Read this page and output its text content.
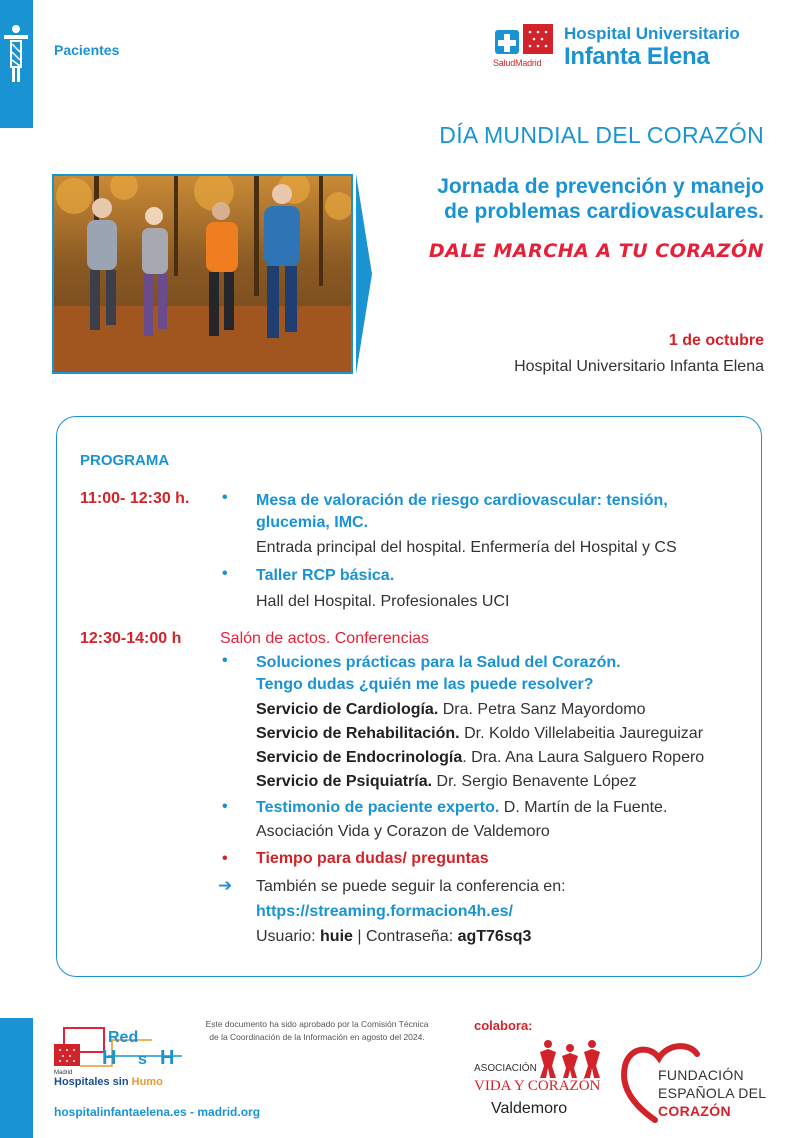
Pacientes
SaludMadrid
Hospital Universitario
Infanta Elena
DÍA MUNDIAL DEL CORAZÓN
Jornada de prevención y manejo
de problemas cardiovasculares.
DALE MARCHA A TU CORAZÓN
1 de octubre
Hospital Universitario Infanta Elena
PROGRAMA
11:00- 12:30 h. • Mesa de valoración de riesgo cardiovascular: tensión,
glucemia, IMC.
Entrada principal del hospital. Enfermería del Hospital y CS
• Taller RCP básica.
Hall del Hospital. Profesionales UCI
12:30-14:00 h Salón de actos. Conferencias
• Soluciones prácticas para la Salud del Corazón.
Tengo dudas ¿quién me las puede resolver?
Servicio de Cardiología. Dra. Petra Sanz Mayordomo
Servicio de Rehabilitación. Dr. Koldo Villelabeitia Jaureguizar
Servicio de Endocrinología. Dra. Ana Laura Salguero Ropero
Servicio de Psiquiatría. Dr. Sergio Benavente López
• Testimonio de paciente experto. D. Martín de la Fuente.
Asociación Vida y Corazon de Valdemoro
• Tiempo para dudas/ preguntas
➔ También se puede seguir la conferencia en:
https://streaming.formacion4h.es/
Usuario: huie | Contraseña: agT76sq3
Red
H s H
Madrid
Hospitales sin Humo
Este documento ha sido aprobado por la Comisión Técnica de la Coordinación de la Información en agosto del 2024.
hospitalinfantaelena.es - madrid.org
colabora:
ASOCIACIÓN
VIDA Y CORAZÓN
Valdemoro
FUNDACIÓN
ESPAÑOLA DEL
CORAZÓN
